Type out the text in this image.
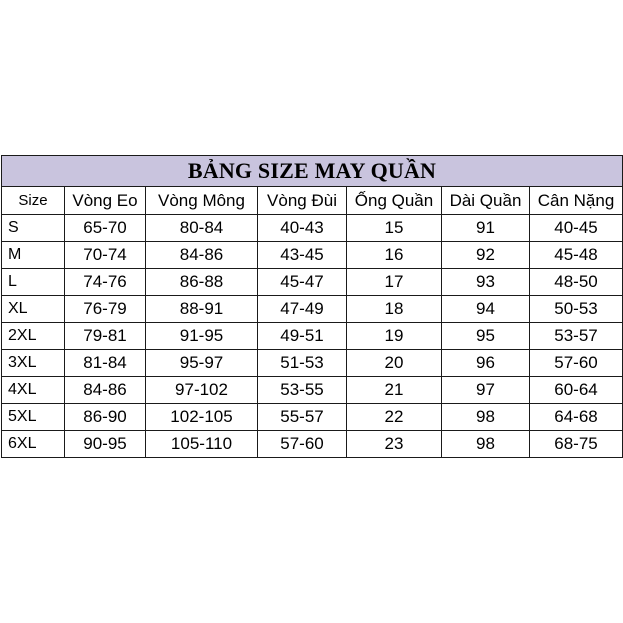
BẢNG SIZE MAY QUẦN						
Size	Vòng Eo	Vòng Mông	Vòng Đùi	Ống Quần	Dài Quần	Cân Nặng
S	65-70	80-84	40-43	15	91	40-45
M	70-74	84-86	43-45	16	92	45-48
L	74-76	86-88	45-47	17	93	48-50
XL	76-79	88-91	47-49	18	94	50-53
2XL	79-81	91-95	49-51	19	95	53-57
3XL	81-84	95-97	51-53	20	96	57-60
4XL	84-86	97-102	53-55	21	97	60-64
5XL	86-90	102-105	55-57	22	98	64-68
6XL	90-95	105-110	57-60	23	98	68-75
